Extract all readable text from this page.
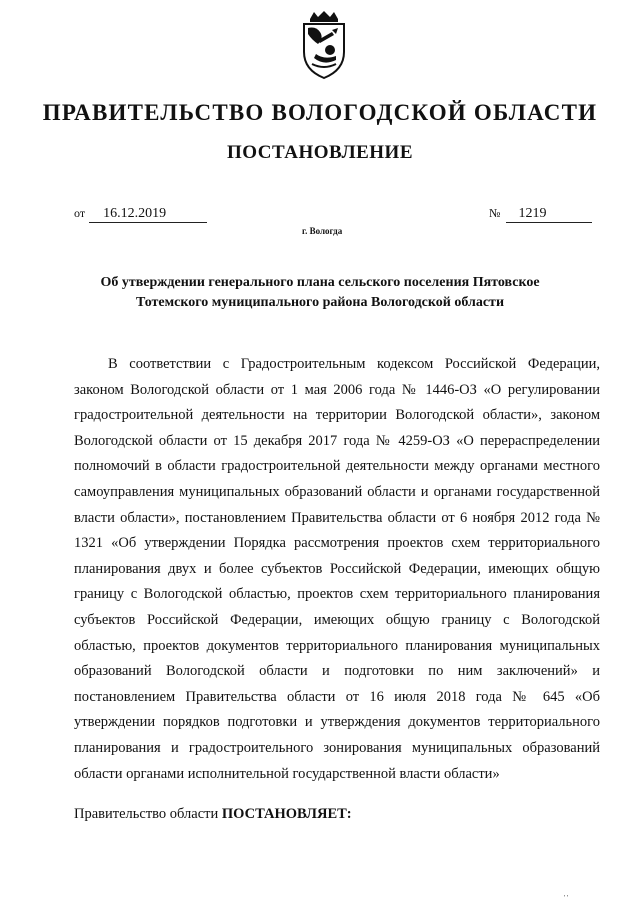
ПРАВИТЕЛЬСТВО ВОЛОГОДСКОЙ ОБЛАСТИ
ПОСТАНОВЛЕНИЕ
от 16.12.2019	№ 1219
г. Вологда
Об утверждении генерального плана сельского поселения Пятовское
Тотемского муниципального района Вологодской области

В соответствии с Градостроительным кодексом Российской Федерации, законом Вологодской области от 1 мая 2006 года № 1446-ОЗ «О регулировании градостроительной деятельности на территории Вологодской области», законом Вологодской области от 15 декабря 2017 года № 4259-ОЗ «О перераспределении полномочий в области градостроительной деятельности между органами местного самоуправления муниципальных образований области и органами государственной власти области», постановлением Правительства области от 6 ноября 2012 года № 1321 «Об утверждении Порядка рассмотрения проектов схем территориального планирования двух и более субъектов Российской Федерации, имеющих общую границу с Вологодской областью, проектов схем территориального планирования субъектов Российской Федерации, имеющих общую границу с Вологодской областью, проектов документов территориального планирования муниципальных образований Вологодской области и подготовки по ним заключений» и постановлением Правительства области от 16 июля 2018 года № 645 «Об утверждении порядков подготовки и утверждения документов территориального планирования и градостроительного зонирования муниципальных образований области органами исполнительной государственной власти области»

Правительство области ПОСТАНОВЛЯЕТ:
' '
